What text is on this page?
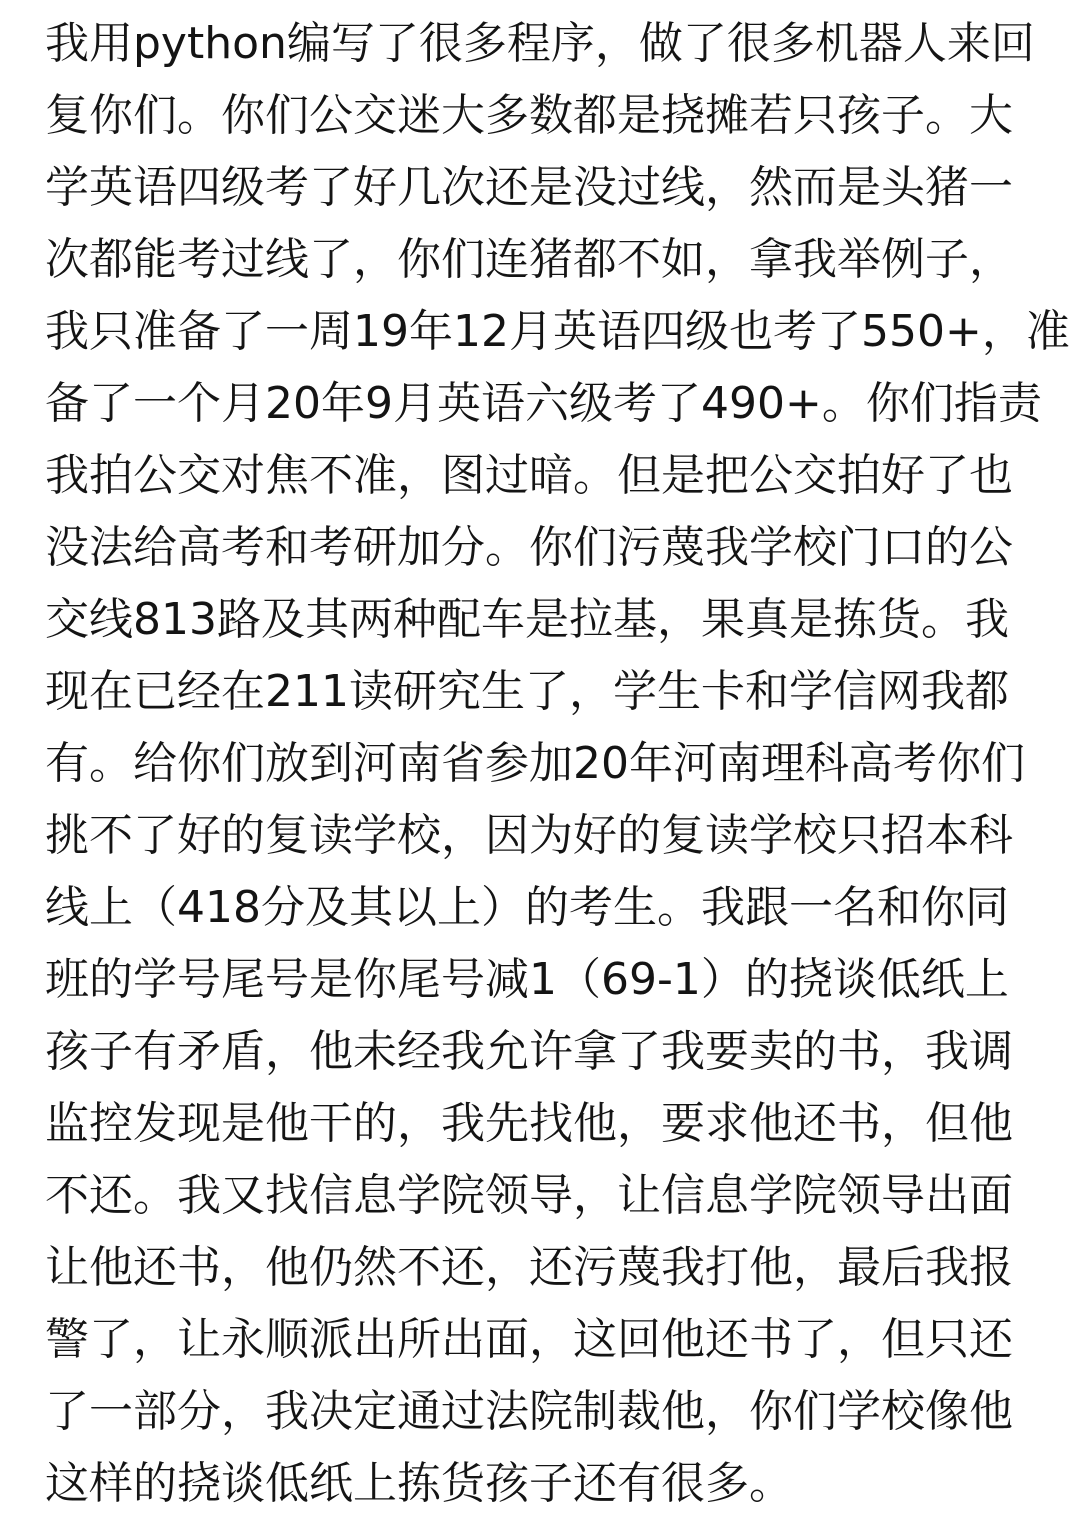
我用python编写了很多程序，做了很多机器人来回
复你们。你们公交迷大多数都是挠摊若只孩子。大
学英语四级考了好几次还是没过线，然而是头猪一
次都能考过线了，你们连猪都不如，拿我举例子，
我只准备了一周19年12月英语四级也考了550+，准
备了一个月20年9月英语六级考了490+。你们指责
我拍公交对焦不准，图过暗。但是把公交拍好了也
没法给高考和考研加分。你们污蔑我学校门口的公
交线813路及其两种配车是拉基，果真是拣货。我
现在已经在211读研究生了，学生卡和学信网我都
有。给你们放到河南省参加20年河南理科高考你们
挑不了好的复读学校，因为好的复读学校只招本科
线上（418分及其以上）的考生。我跟一名和你同
班的学号尾号是你尾号减1（69-1）的挠谈低纸上
孩子有矛盾，他未经我允许拿了我要卖的书，我调
监控发现是他干的，我先找他，要求他还书，但他
不还。我又找信息学院领导，让信息学院领导出面
让他还书，他仍然不还，还污蔑我打他，最后我报
警了，让永顺派出所出面，这回他还书了，但只还
了一部分，我决定通过法院制裁他，你们学校像他
这样的挠谈低纸上拣货孩子还有很多。
